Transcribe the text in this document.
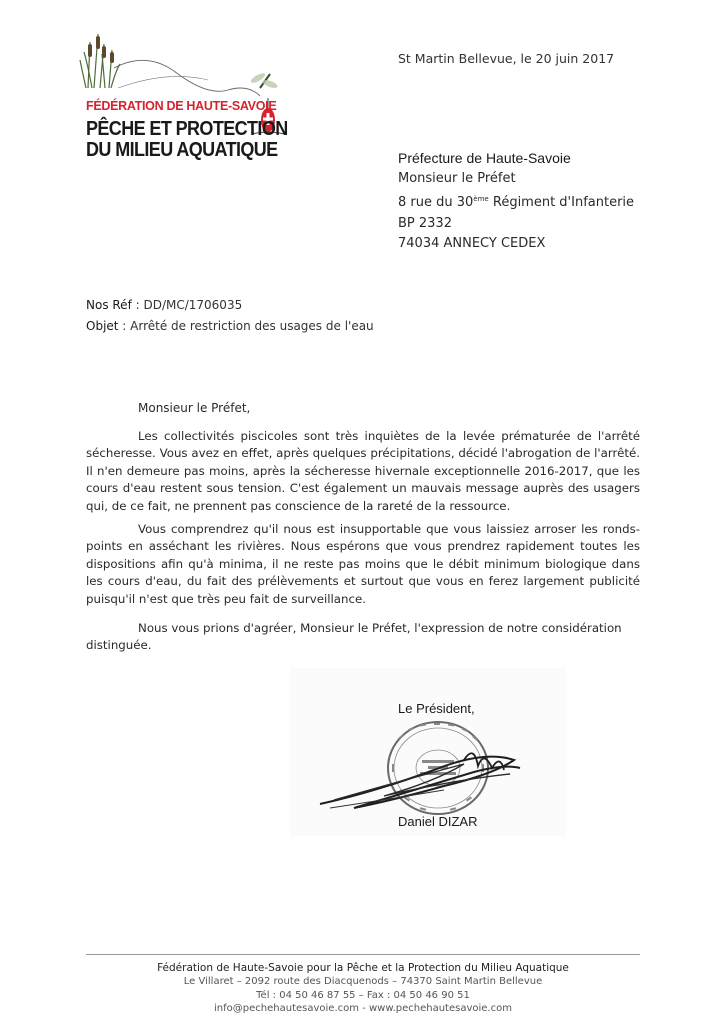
FÉDÉRATION DE HAUTE-SAVOIE
PÊCHE ET PROTECTION
DU MILIEU AQUATIQUE
St Martin Bellevue, le 20 juin 2017
Préfecture de Haute-Savoie
Monsieur le Préfet
8 rue du 30ème Régiment d'Infanterie
BP 2332
74034 ANNECY CEDEX
Nos Réf : DD/MC/1706035
Objet : Arrêté de restriction des usages de l'eau
Monsieur le Préfet,
Les collectivités piscicoles sont très inquiètes de la levée prématurée de l'arrêté sécheresse. Vous avez en effet, après quelques précipitations, décidé l'abrogation de l'arrêté. Il n'en demeure pas moins, après la sécheresse hivernale exceptionnelle 2016-2017, que les cours d'eau restent sous tension. C'est également un mauvais message auprès des usagers qui, de ce fait, ne prennent pas conscience de la rareté de la ressource.
Vous comprendrez qu'il nous est insupportable que vous laissiez arroser les ronds-points en asséchant les rivières. Nous espérons que vous prendrez rapidement toutes les dispositions afin qu'à minima, il ne reste pas moins que le débit minimum biologique dans les cours d'eau, du fait des prélèvements et surtout que vous en ferez largement publicité puisqu'il n'est que très peu fait de surveillance.
Nous vous prions d'agréer, Monsieur le Préfet, l'expression de notre considération distinguée.
Le Président,
Daniel DIZAR
Fédération de Haute-Savoie pour la Pêche et la Protection du Milieu Aquatique
Le Villaret – 2092 route des Diacquenods – 74370 Saint Martin Bellevue
Tél : 04 50 46 87 55 – Fax : 04 50 46 90 51
info@pechehautesavoie.com - www.pechehautesavoie.com
